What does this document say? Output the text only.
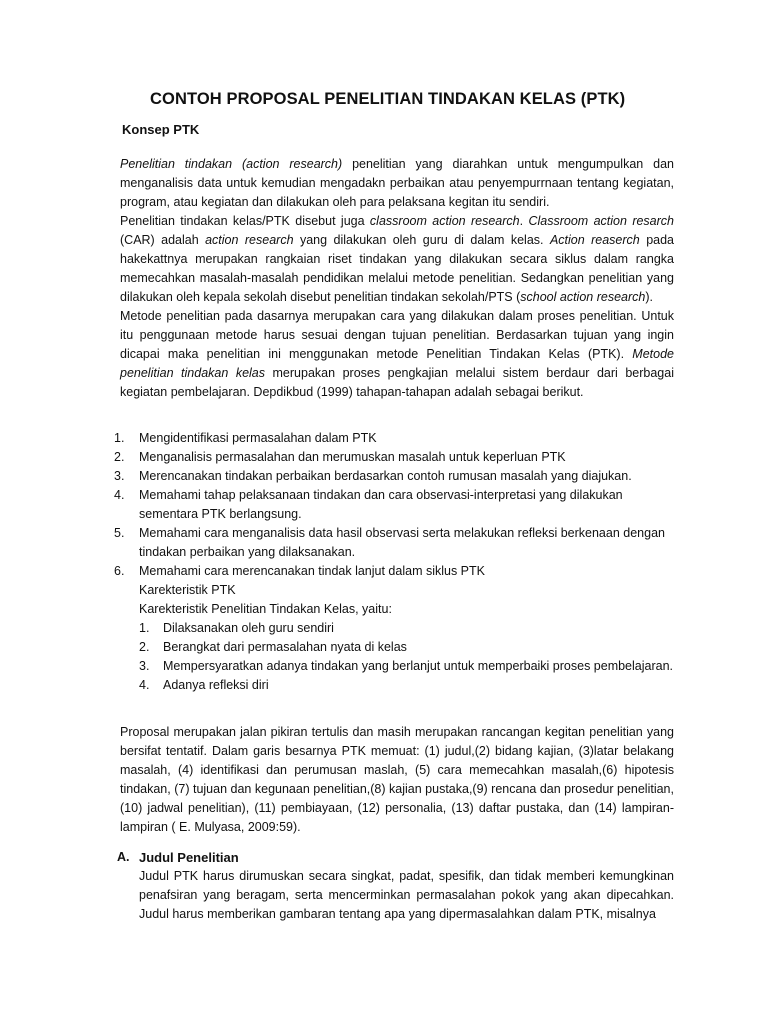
CONTOH PROPOSAL PENELITIAN TINDAKAN KELAS (PTK)
Konsep PTK

Penelitian tindakan (action research) penelitian yang diarahkan untuk mengumpulkan dan menganalisis data untuk kemudian mengadakn perbaikan atau penyempurrnaan tentang kegiatan, program, atau kegiatan dan dilakukan oleh para pelaksana kegitan itu sendiri.

Penelitian tindakan kelas/PTK disebut juga classroom action research. Classroom action resarch (CAR) adalah action research yang dilakukan oleh guru di dalam kelas. Action reaserch pada hakekattnya merupakan rangkaian riset tindakan yang dilakukan secara siklus dalam rangka memecahkan masalah-masalah pendidikan melalui metode penelitian. Sedangkan penelitian yang dilakukan oleh kepala sekolah disebut penelitian tindakan sekolah/PTS (school action research).

Metode penelitian pada dasarnya merupakan cara yang dilakukan dalam proses penelitian. Untuk itu penggunaan metode harus sesuai dengan tujuan penelitian. Berdasarkan tujuan yang ingin dicapai maka penelitian ini menggunakan metode Penelitian Tindakan Kelas (PTK). Metode penelitian tindakan kelas merupakan proses pengkajian melalui sistem berdaur dari berbagai kegiatan pembelajaran. Depdikbud (1999) tahapan-tahapan adalah sebagai berikut.

1. Mengidentifikasi permasalahan dalam PTK
2. Menganalisis permasalahan dan merumuskan masalah untuk keperluan PTK
3. Merencanakan tindakan perbaikan berdasarkan contoh rumusan masalah yang diajukan.
4. Memahami tahap pelaksanaan tindakan dan cara observasi-interpretasi yang dilakukan sementara PTK berlangsung.
5. Memahami cara menganalisis data hasil observasi serta melakukan refleksi berkenaan dengan tindakan perbaikan yang dilaksanakan.
6. Memahami cara merencanakan tindak lanjut dalam siklus PTK
Karekteristik PTK
Karekteristik Penelitian Tindakan Kelas, yaitu:
1. Dilaksanakan oleh guru sendiri
2. Berangkat dari permasalahan nyata di kelas
3. Mempersyaratkan adanya tindakan yang berlanjut untuk memperbaiki proses pembelajaran.
4. Adanya refleksi diri

Proposal merupakan jalan pikiran tertulis dan masih merupakan rancangan kegitan penelitian yang bersifat tentatif. Dalam garis besarnya PTK memuat: (1) judul,(2) bidang kajian, (3)latar belakang masalah, (4) identifikasi dan perumusan maslah, (5) cara memecahkan masalah,(6) hipotesis tindakan, (7) tujuan dan kegunaan penelitian,(8) kajian pustaka,(9) rencana dan prosedur penelitian,(10) jadwal penelitian), (11) pembiayaan, (12) personalia, (13) daftar pustaka, dan (14) lampiran-lampiran ( E. Mulyasa, 2009:59).

A. Judul Penelitian
Judul PTK harus dirumuskan secara singkat, padat, spesifik, dan tidak memberi kemungkinan penafsiran yang beragam, serta mencerminkan permasalahan pokok yang akan dipecahkan. Judul harus memberikan gambaran tentang apa yang dipermasalahkan dalam PTK, misalnya
